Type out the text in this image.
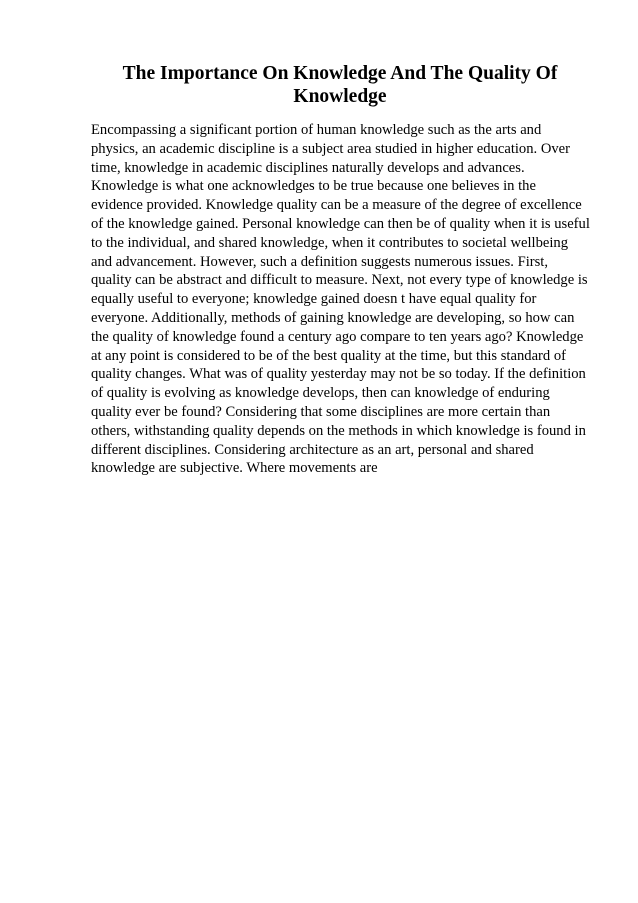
The Importance On Knowledge And The Quality Of Knowledge

Encompassing a significant portion of human knowledge such as the arts and physics, an academic discipline is a subject area studied in higher education. Over time, knowledge in academic disciplines naturally develops and advances. Knowledge is what one acknowledges to be true because one believes in the evidence provided. Knowledge quality can be a measure of the degree of excellence of the knowledge gained. Personal knowledge can then be of quality when it is useful to the individual, and shared knowledge, when it contributes to societal wellbeing and advancement. However, such a definition suggests numerous issues. First, quality can be abstract and difficult to measure. Next, not every type of knowledge is equally useful to everyone; knowledge gained doesn t have equal quality for everyone. Additionally, methods of gaining knowledge are developing, so how can the quality of knowledge found a century ago compare to ten years ago? Knowledge at any point is considered to be of the best quality at the time, but this standard of quality changes. What was of quality yesterday may not be so today. If the definition of quality is evolving as knowledge develops, then can knowledge of enduring quality ever be found? Considering that some disciplines are more certain than others, withstanding quality depends on the methods in which knowledge is found in different disciplines. Considering architecture as an art, personal and shared knowledge are subjective. Where movements are
